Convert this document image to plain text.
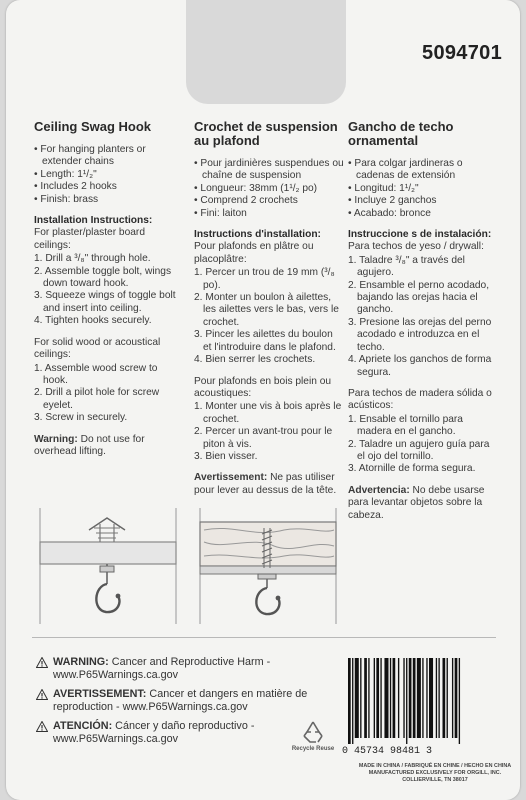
5094701
Ceiling Swag Hook
• For hanging planters or extender chains
• Length: 1¹/₂"
• Includes 2 hooks
• Finish: brass
Installation Instructions:

For plaster/plaster board ceilings:

1. Drill a ³/₈" through hole.
2. Assemble toggle bolt, wings down toward hook.
3. Squeeze wings of toggle bolt and insert into ceiling.
4. Tighten hooks securely.

For solid wood or acoustical ceilings:

1. Assemble wood screw to hook.
2. Drill a pilot hole for screw eyelet.
3. Screw in securely.

Warning: Do not use for overhead lifting.

Crochet de suspension au plafond
• Pour jardinières suspendues ou chaîne de suspension
• Longueur: 38mm (1¹/₂ po)
• Comprend 2 crochets
• Fini: laiton
Instructions d'installation:

Pour plafonds en plâtre ou placoplâtre:

1. Percer un trou de 19 mm (³/₈ po).
2. Monter un boulon à ailettes, les ailettes vers le bas, vers le crochet.
3. Pincer les ailettes du boulon et l'introduire dans le plafond.
4. Bien serrer les crochets.

Pour plafonds en bois plein ou acoustiques:

1. Monter une vis à bois après le crochet.
2. Percer un avant-trou pour le piton à vis.
3. Bien visser.

Avertissement: Ne pas utiliser pour lever au dessus de la tête.

Gancho de techo ornamental
• Para colgar jardineras o cadenas de extensión
• Longitud: 1¹/₂"
• Incluye 2 ganchos
• Acabado: bronce
Instruccione s de instalación:

Para techos de yeso / drywall:

1. Taladre ³/₈" a través del agujero.
2. Ensamble el perno acodado, bajando las orejas hacia el gancho.
3. Presione las orejas del perno acodado e introduzca en el techo.
4. Apriete los ganchos de forma segura.

Para techos de madera sólida o acústicos:

1. Ensable el tornillo para madera en el gancho.
2. Taladre un agujero guía para el ojo del tornillo.
3. Atornille de forma segura.

Advertencia: No debe usarse para levantar objetos sobre la cabeza.

WARNING: Cancer and Reproductive Harm - www.P65Warnings.ca.gov
AVERTISSEMENT: Cancer et dangers en matière de reproduction - www.P65Warnings.ca.gov
ATENCIÓN: Cáncer y daño reproductivo - www.P65Warnings.ca.gov
Recycle Reuse 0 45734 98481 3
MADE IN CHINA / FABRIQUÉ EN CHINE / HECHO EN CHINA
MANUFACTURED EXCLUSIVELY FOR ORGILL, INC.
COLLIERVILLE, TN 38017
